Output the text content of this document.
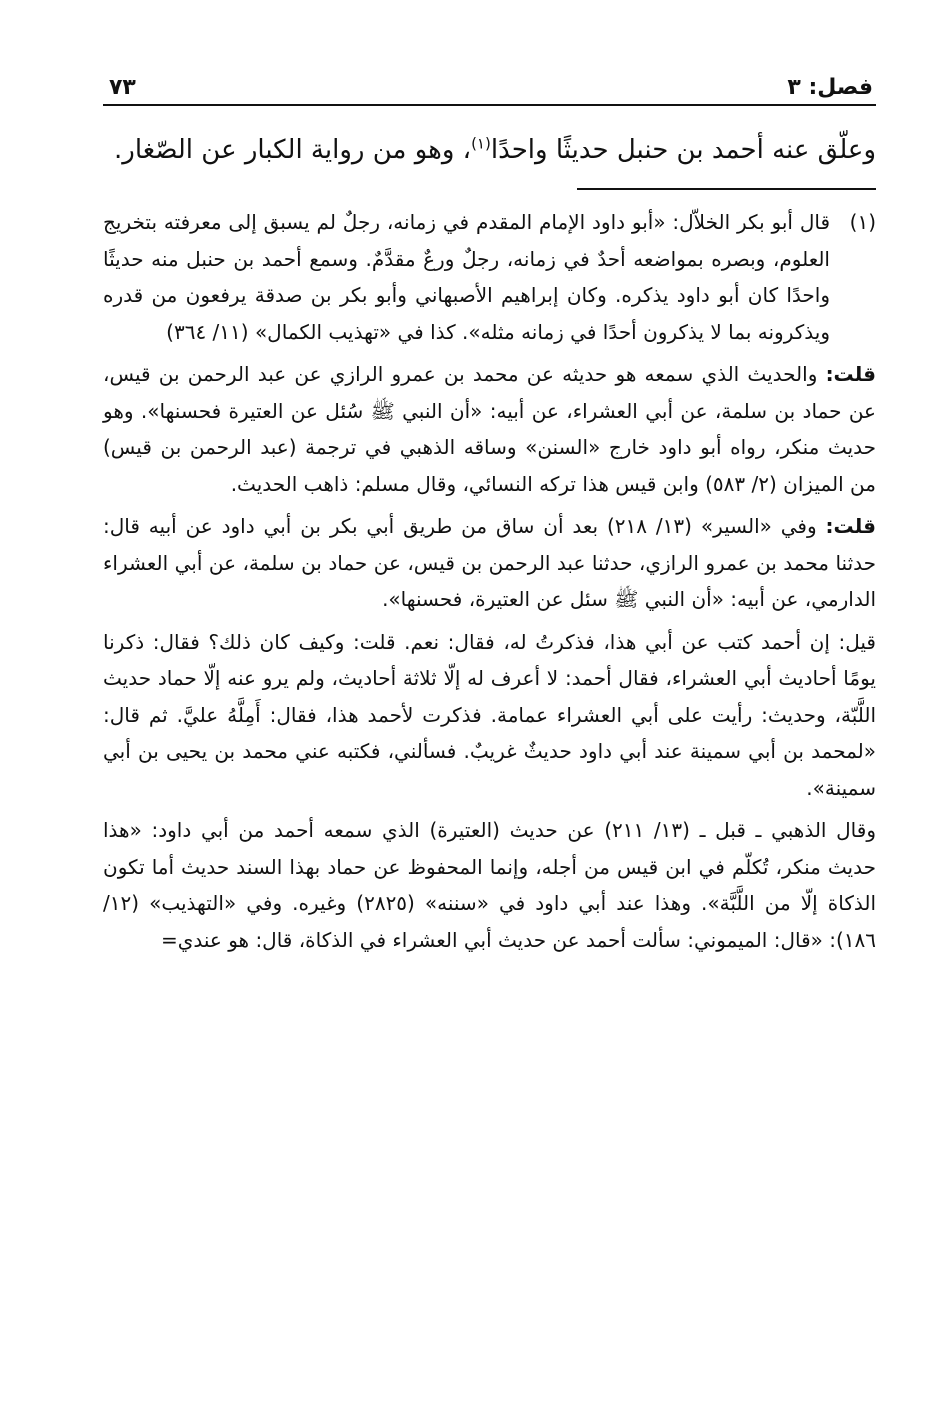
فصل: ٣
٧٣
وعلّق عنه أحمد بن حنبل حديثًا واحدًا$^{(١)}$، وهو من رواية الكبار عن الصّغار.

(١)
قال أبو بكر الخلاّل: «أبو داود الإمام المقدم في زمانه، رجلٌ لم يسبق إلى معرفته بتخريج العلوم، وبصره بمواضعه أحدٌ في زمانه، رجلٌ ورعٌ مقدَّمٌ. وسمع أحمد بن حنبل منه حديثًا واحدًا كان أبو داود يذكره. وكان إبراهيم الأصبهاني وأبو بكر بن صدقة يرفعون من قدره ويذكرونه بما لا يذكرون أحدًا في زمانه مثله». كذا في «تهذيب الكمال» (١١/ ٣٦٤)

قلت: والحديث الذي سمعه هو حديثه عن محمد بن عمرو الرازي عن عبد الرحمن بن قيس، عن حماد بن سلمة، عن أبي العشراء، عن أبيه: «أن النبي ﷺ سُئل عن العتيرة فحسنها». وهو حديث منكر، رواه أبو داود خارج «السنن» وساقه الذهبي في ترجمة (عبد الرحمن بن قيس) من الميزان (٢/ ٥٨٣) وابن قيس هذا تركه النسائي، وقال مسلم: ذاهب الحديث.

قلت: وفي «السير» (١٣/ ٢١٨) بعد أن ساق من طريق أبي بكر بن أبي داود عن أبيه قال: حدثنا محمد بن عمرو الرازي، حدثنا عبد الرحمن بن قيس، عن حماد بن سلمة، عن أبي العشراء الدارمي، عن أبيه: «أن النبي ﷺ سئل عن العتيرة، فحسنها».

قيل: إن أحمد كتب عن أبي هذا، فذكرتُ له، فقال: نعم. قلت: وكيف كان ذلك؟ فقال: ذكرنا يومًا أحاديث أبي العشراء، فقال أحمد: لا أعرف له إلّا ثلاثة أحاديث، ولم يرو عنه إلّا حماد حديث اللَّبّة، وحديث: رأيت على أبي العشراء عمامة. فذكرت لأحمد هذا، فقال: أَمِلَّهُ عليَّ. ثم قال: «لمحمد بن أبي سمينة عند أبي داود حديثٌ غريبٌ. فسألني، فكتبه عني محمد بن يحيى بن أبي سمينة».

وقال الذهبي ـ قبل ـ (١٣/ ٢١١) عن حديث (العتيرة) الذي سمعه أحمد من أبي داود: «هذا حديث منكر، تُكلّم في ابن قيس من أجله، وإنما المحفوظ عن حماد بهذا السند حديث أما تكون الذكاة إلّا من اللَّبَّة». وهذا عند أبي داود في «سننه» (٢٨٢٥) وغيره. وفي «التهذيب» (١٢/ ١٨٦): «قال: الميموني: سألت أحمد عن حديث أبي العشراء في الذكاة، قال: هو عندي=
